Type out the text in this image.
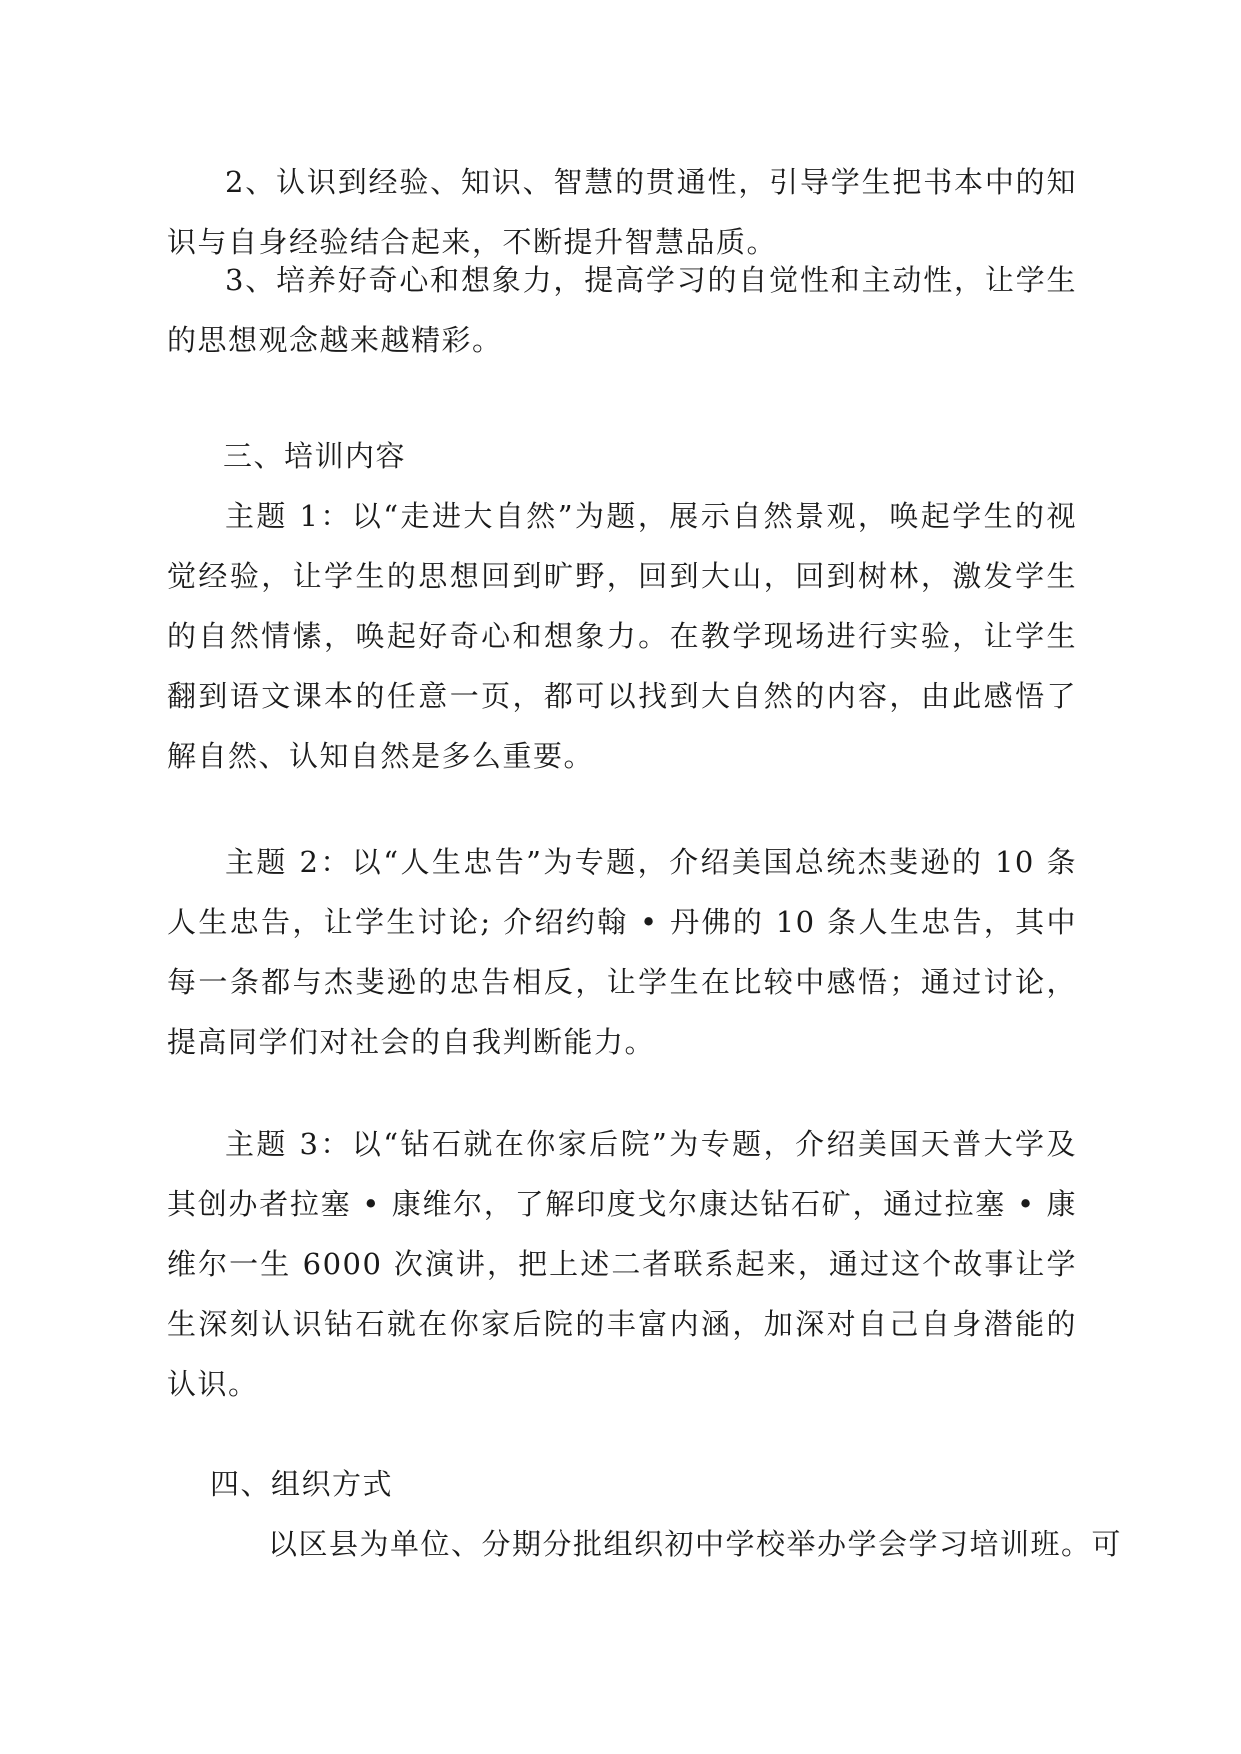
2、认识到经验、知识、智慧的贯通性，引导学生把书本中的知识与自身经验结合起来，不断提升智慧品质。

3、培养好奇心和想象力，提高学习的自觉性和主动性，让学生的思想观念越来越精彩。

三、培训内容

主题 1：以“走进大自然”为题，展示自然景观，唤起学生的视觉经验，让学生的思想回到旷野，回到大山，回到树林，激发学生的自然情愫，唤起好奇心和想象力。在教学现场进行实验，让学生翻到语文课本的任意一页，都可以找到大自然的内容，由此感悟了解自然、认知自然是多么重要。

主题 2：以“人生忠告”为专题，介绍美国总统杰斐逊的 10 条人生忠告，让学生讨论; 介绍约翰 • 丹佛的 10 条人生忠告，其中每一条都与杰斐逊的忠告相反，让学生在比较中感悟；通过讨论，提高同学们对社会的自我判断能力。

主题 3：以“钻石就在你家后院”为专题，介绍美国天普大学及其创办者拉塞 • 康维尔，了解印度戈尔康达钻石矿，通过拉塞 • 康维尔一生 6000 次演讲，把上述二者联系起来，通过这个故事让学生深刻认识钻石就在你家后院的丰富内涵，加深对自己自身潜能的认识。

四、组织方式

以区县为单位、分期分批组织初中学校举办学会学习培训班。可
